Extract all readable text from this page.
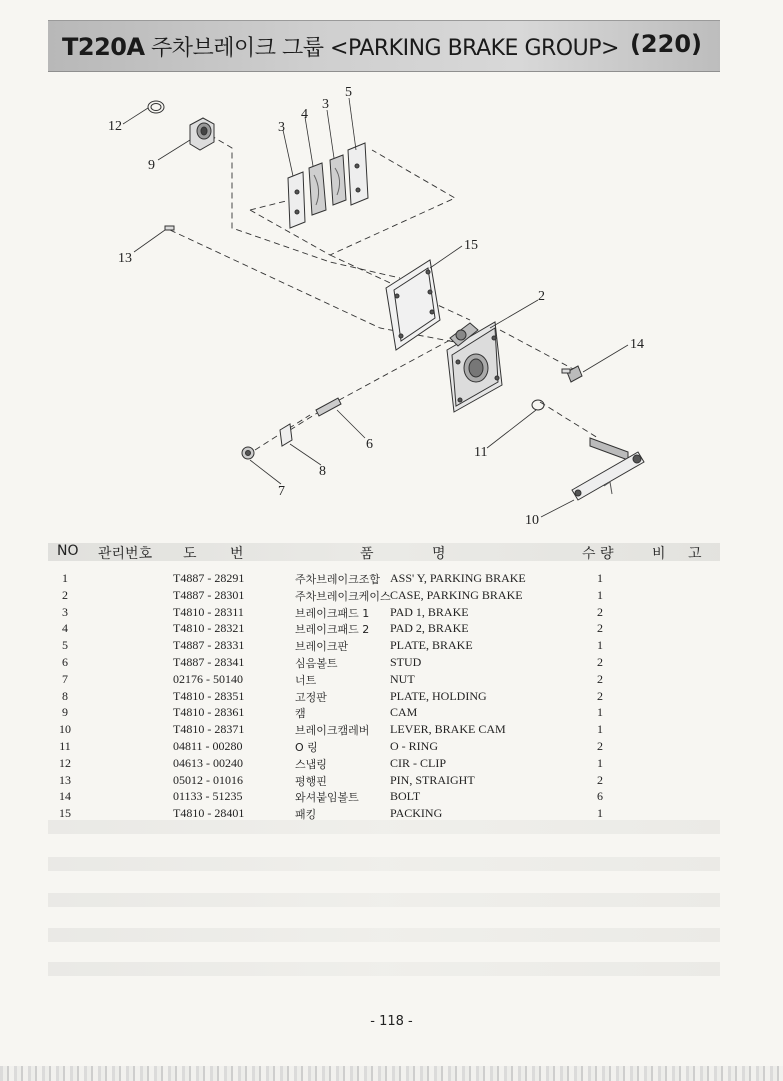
T220A 주차브레이크 그룹 <PARKING BRAKE GROUP> (220)
12
9
3
4
3
5
13
15
2
14
6
8
7
11
10
NO 관리번호 도 번	품	명	수 량	비 고
1	T4887 - 28291	주차브레이크조합 ASS' Y, PARKING BRAKE	1
2	T4887 - 28301	주차브레이크케이스 CASE, PARKING BRAKE	1
3	T4810 - 28311	브레이크패드 1 PAD 1, BRAKE	2
4	T4810 - 28321	브레이크패드 2 PAD 2, BRAKE	2
5	T4887 - 28331	브레이크판	PLATE, BRAKE	1
6	T4887 - 28341	심음볼트	STUD	2
7	02176 - 50140	너트	NUT	2
8	T4810 - 28351	고정판	PLATE, HOLDING	2
9	T4810 - 28361	캠	CAM	1
10	T4810 - 28371	브레이크캠레버 LEVER, BRAKE CAM	1
11	04811 - 00280	O 링	O - RING	2
12	04613 - 00240	스냅링	CIR - CLIP	1
13	05012 - 01016	평행핀	PIN, STRAIGHT	2
14	01133 - 51235	와셔붙임볼트	BOLT	6
15	T4810 - 28401	패킹	PACKING	1
- 118 -
